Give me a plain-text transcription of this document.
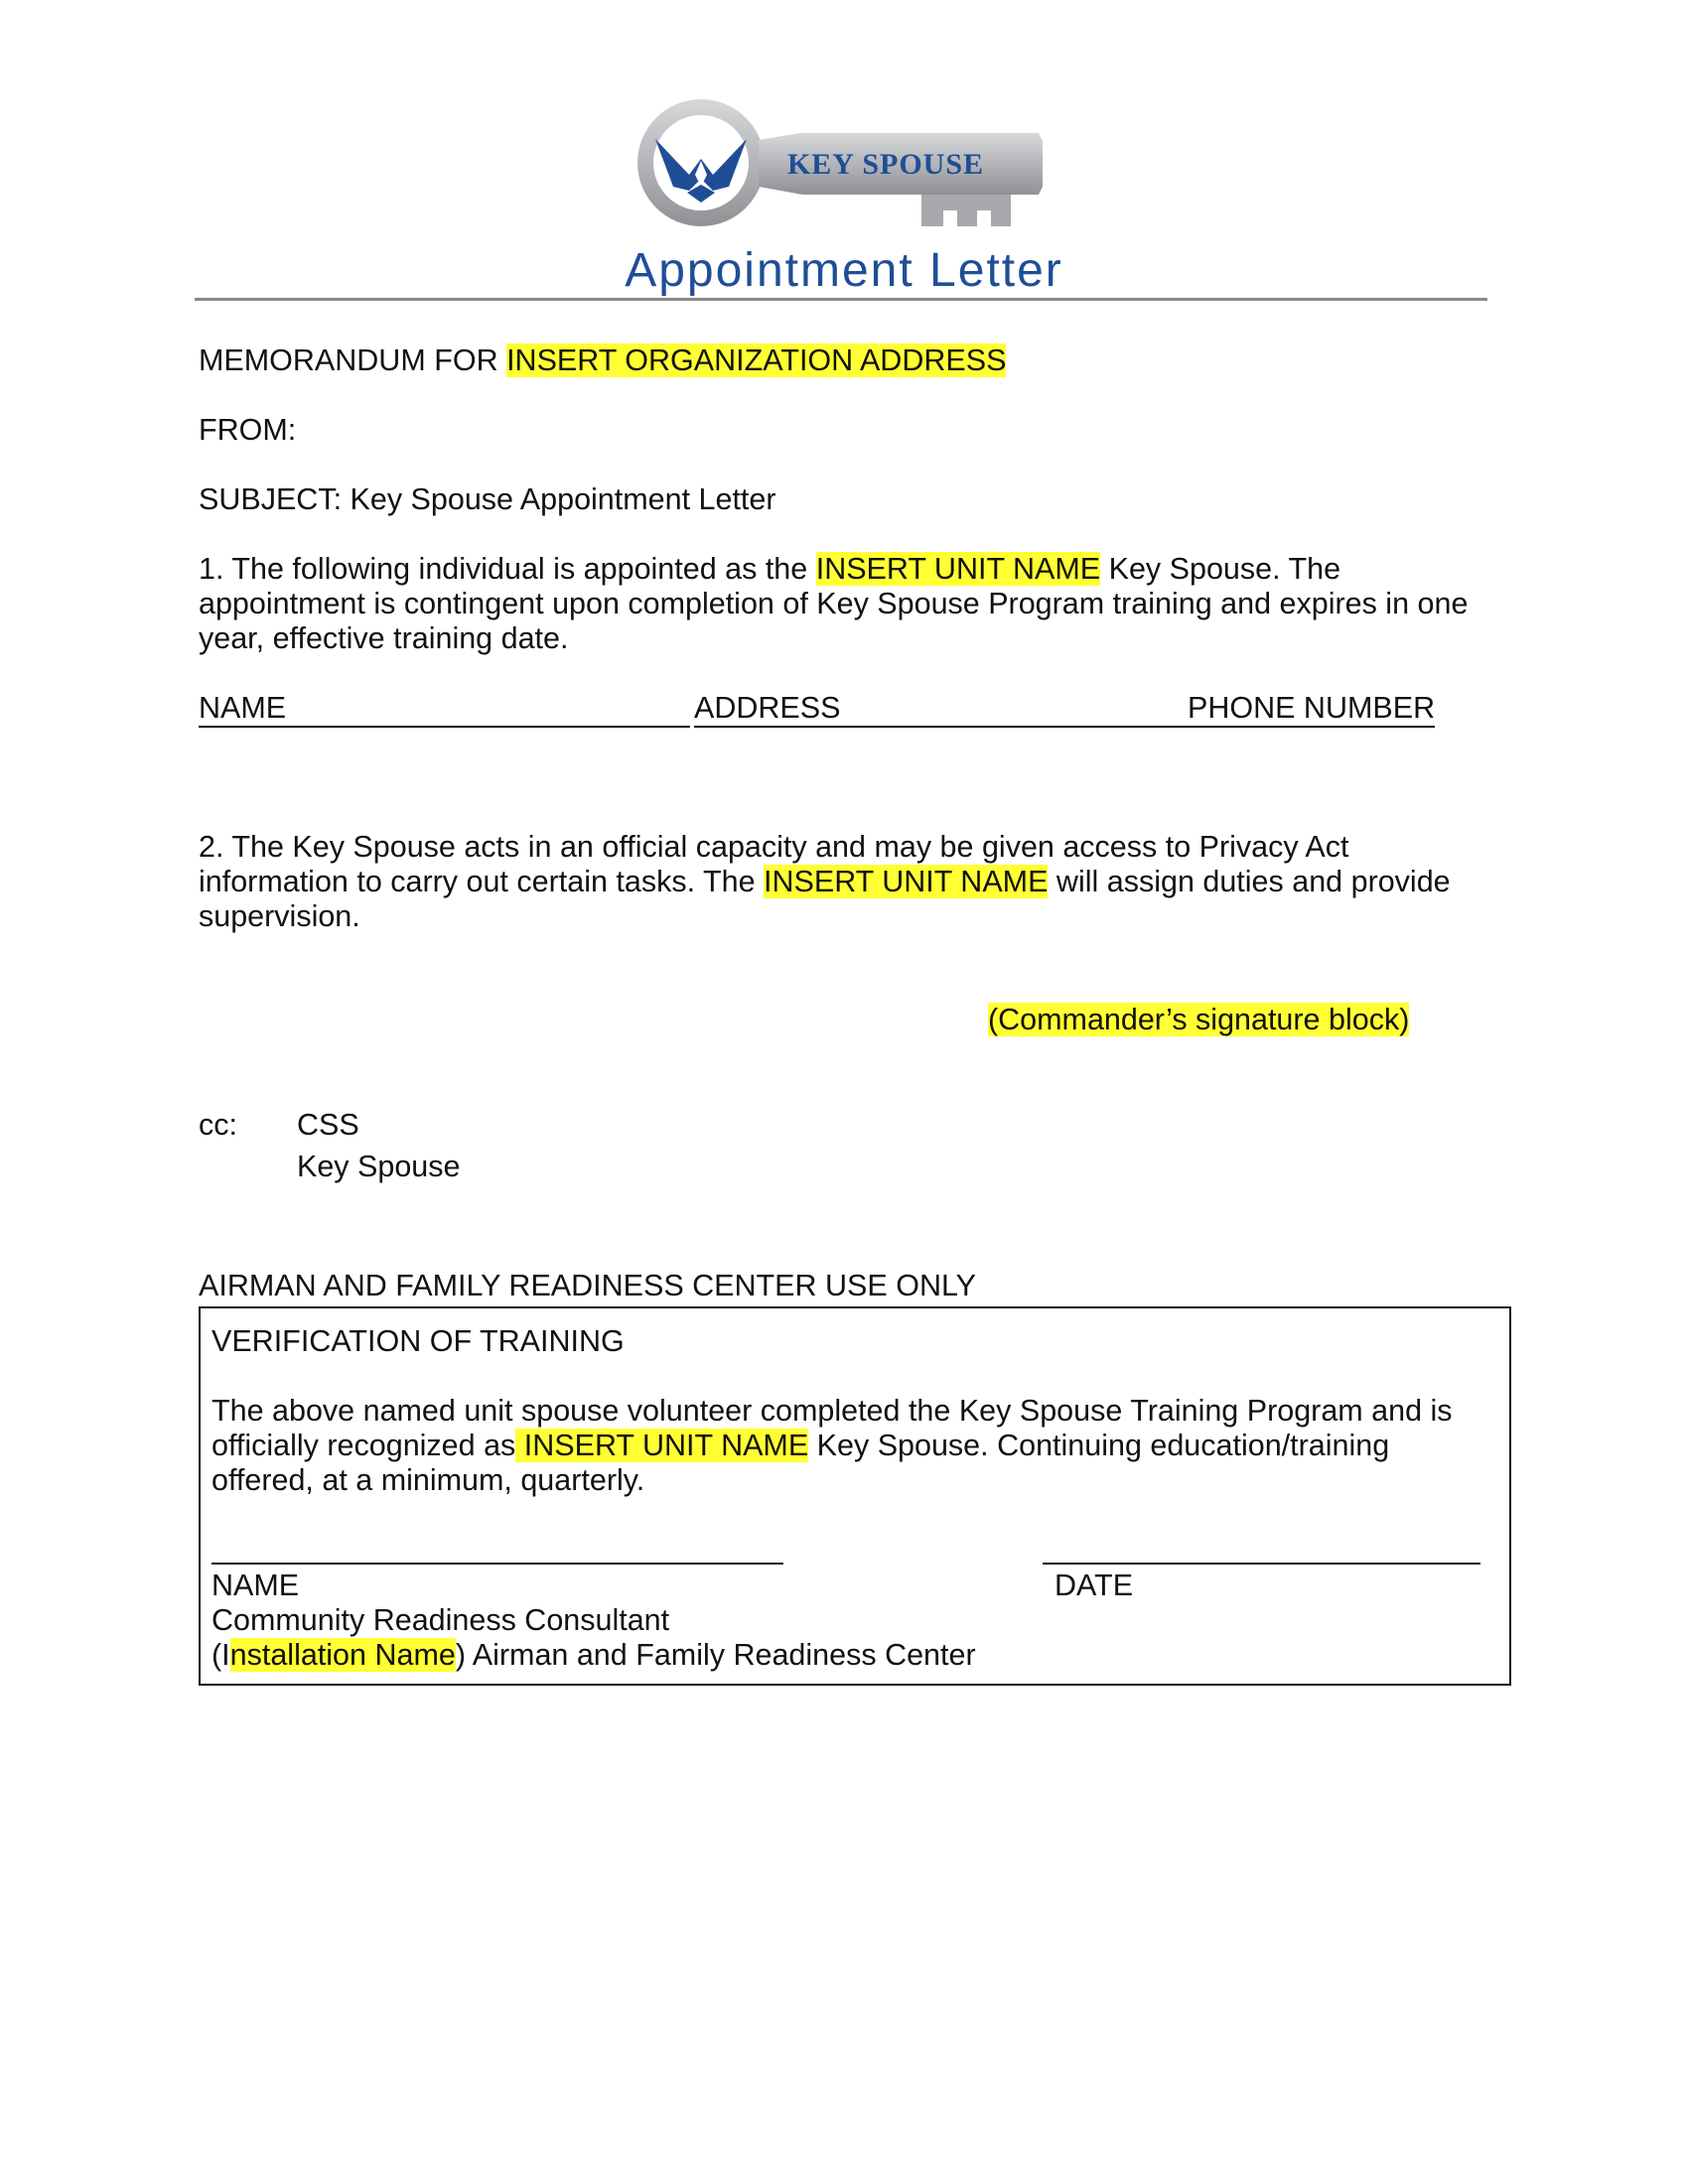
KEY SPOUSE
Appointment Letter
MEMORANDUM FOR INSERT ORGANIZATION ADDRESS
FROM:
SUBJECT: Key Spouse Appointment Letter
1. The following individual is appointed as the INSERT UNIT NAME Key Spouse. The
appointment is contingent upon completion of Key Spouse Program training and expires in one
year, effective training date.
NAME	ADDRESS	PHONE NUMBER
2. The Key Spouse acts in an official capacity and may be given access to Privacy Act
information to carry out certain tasks. The INSERT UNIT NAME will assign duties and provide
supervision.
(Commander’s signature block)
cc: CSS
Key Spouse
AIRMAN AND FAMILY READINESS CENTER USE ONLY
VERIFICATION OF TRAINING
The above named unit spouse volunteer completed the Key Spouse Training Program and is
officially recognized as INSERT UNIT NAME Key Spouse. Continuing education/training
offered, at a minimum, quarterly.
NAME	DATE
Community Readiness Consultant
(Installation Name) Airman and Family Readiness Center
